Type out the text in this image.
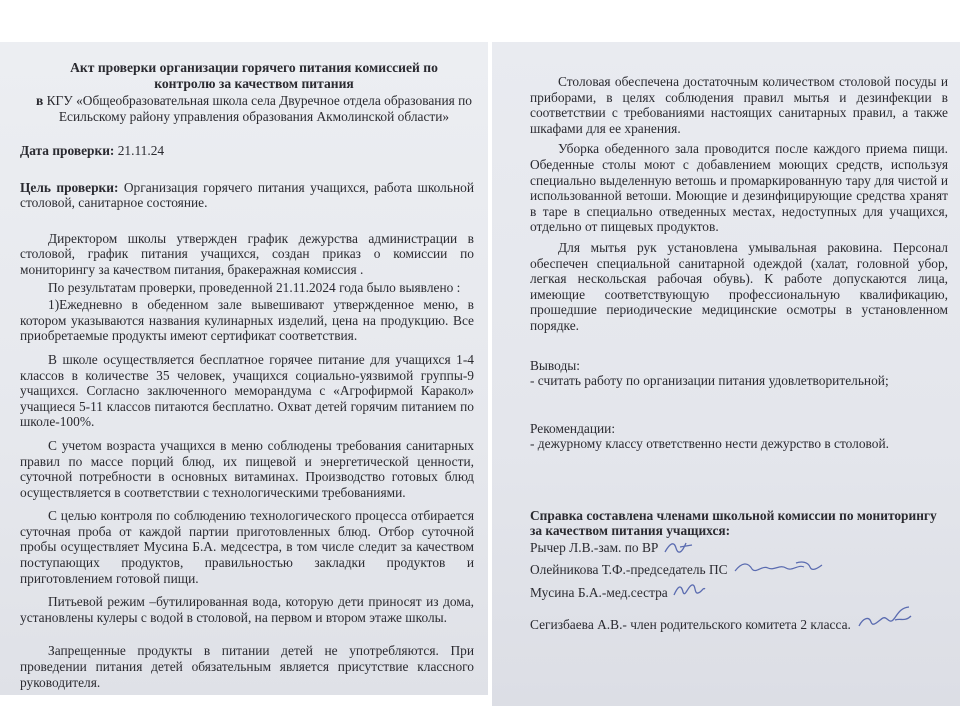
Акт проверки организации горячего питания комиссией по контролю за качеством питания

в КГУ «Общеобразовательная школа села Двуречное отдела образования по Есильскому району управления образования Акмолинской области»

Дата проверки: 21.11.24

Цель проверки: Организация горячего питания учащихся, работа школьной столовой, санитарное состояние.

Директором школы утвержден график дежурства администрации в столовой, график питания учащихся, создан приказ о комиссии по мониторингу за качеством питания, бракеражная комиссия .

По результатам проверки, проведенной 21.11.2024 года было выявлено :

1)Ежедневно в обеденном зале вывешивают утвержденное меню, в котором указываются названия кулинарных изделий, цена на продукцию. Все приобретаемые продукты имеют сертификат соответствия.

В школе осуществляется бесплатное горячее питание для учащихся 1-4 классов в количестве 35 человек, учащихся социально-уязвимой группы-9 учащихся. Согласно заключенного меморандума с «Агрофирмой Каракол» учащиеся 5-11 классов питаются бесплатно. Охват детей горячим питанием по школе-100%.

С учетом возраста учащихся в меню соблюдены требования санитарных правил по массе порций блюд, их пищевой и энергетической ценности, суточной потребности в основных витаминах. Производство готовых блюд осуществляется в соответствии с технологическими требованиями.

С целью контроля по соблюдению технологического процесса отбирается суточная проба от каждой партии приготовленных блюд. Отбор суточной пробы осуществляет Мусина Б.А. медсестра, в том числе следит за качеством поступающих продуктов, правильностью закладки продуктов и приготовлением готовой пищи.

Питьевой режим –бутилированная вода, которую дети приносят из дома, установлены кулеры с водой в столовой, на первом и втором этаже школы.

Запрещенные продукты в питании детей не употребляются. При проведении питания детей обязательным является присутствие классного руководителя.

Столовая обеспечена достаточным количеством столовой посуды и приборами, в целях соблюдения правил мытья и дезинфекции в соответствии с требованиями настоящих санитарных правил, а также шкафами для ее хранения.

Уборка обеденного зала проводится после каждого приема пищи. Обеденные столы моют с добавлением моющих средств, используя специально выделенную ветошь и промаркированную тару для чистой и использованной ветоши. Моющие и дезинфицирующие средства хранят в таре в специально отведенных местах, недоступных для учащихся, отдельно от пищевых продуктов.

Для мытья рук установлена умывальная раковина. Персонал обеспечен специальной санитарной одеждой (халат, головной убор, легкая нескольская рабочая обувь). К работе допускаются лица, имеющие соответствующую профессиональную квалификацию, прошедшие периодические медицинские осмотры в установленном порядке.

Выводы:

- считать работу по организации питания удовлетворительной;

Рекомендации:

- дежурному классу ответственно нести дежурство в столовой.

Справка составлена членами школьной комиссии по мониторингу за качеством питания учащихся:

Рычер Л.В.-зам. по ВР

Олейникова Т.Ф.-председатель ПС

Мусина Б.А.-мед.сестра

Сегизбаева А.В.- член родительского комитета 2 класса.
